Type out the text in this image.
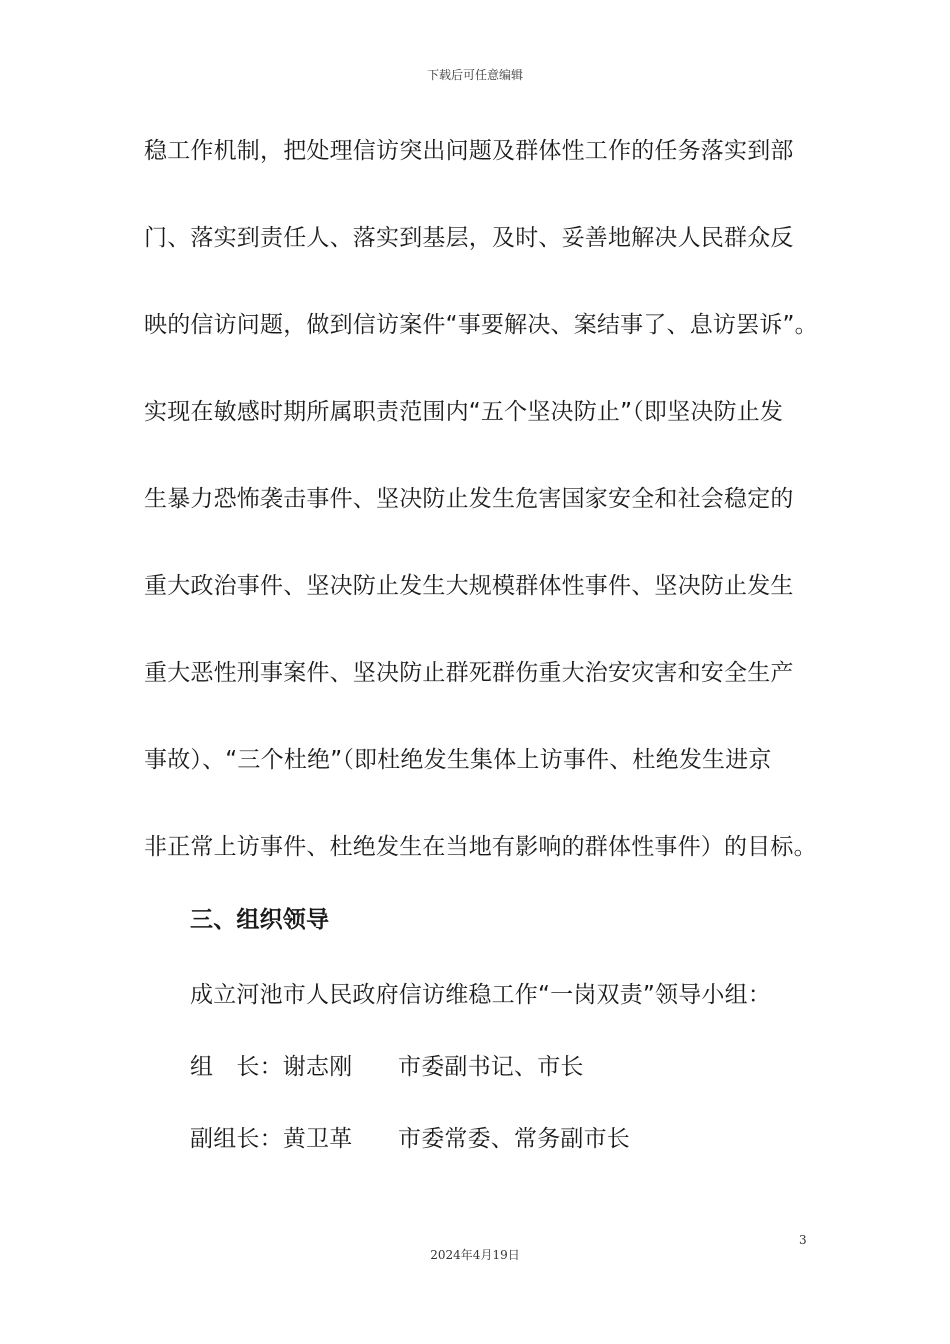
下载后可任意编辑
稳工作机制，把处理信访突出问题及群体性工作的任务落实到部
门、落实到责任人、落实到基层，及时、妥善地解决人民群众反
映的信访问题，做到信访案件“事要解决、案结事了、息访罢诉”。
实现在敏感时期所属职责范围内“五个坚决防止”（即坚决防止发
生暴力恐怖袭击事件、坚决防止发生危害国家安全和社会稳定的
重大政治事件、坚决防止发生大规模群体性事件、坚决防止发生
重大恶性刑事案件、坚决防止群死群伤重大治安灾害和安全生产
事故）、“三个杜绝”（即杜绝发生集体上访事件、杜绝发生进京
非正常上访事件、杜绝发生在当地有影响的群体性事件）的目标。
三、组织领导
成立河池市人民政府信访维稳工作“一岗双责”领导小组：
组　长：谢志刚 市委副书记、市长
副组长：黄卫革 市委常委、常务副市长
3
2024年4月19日
